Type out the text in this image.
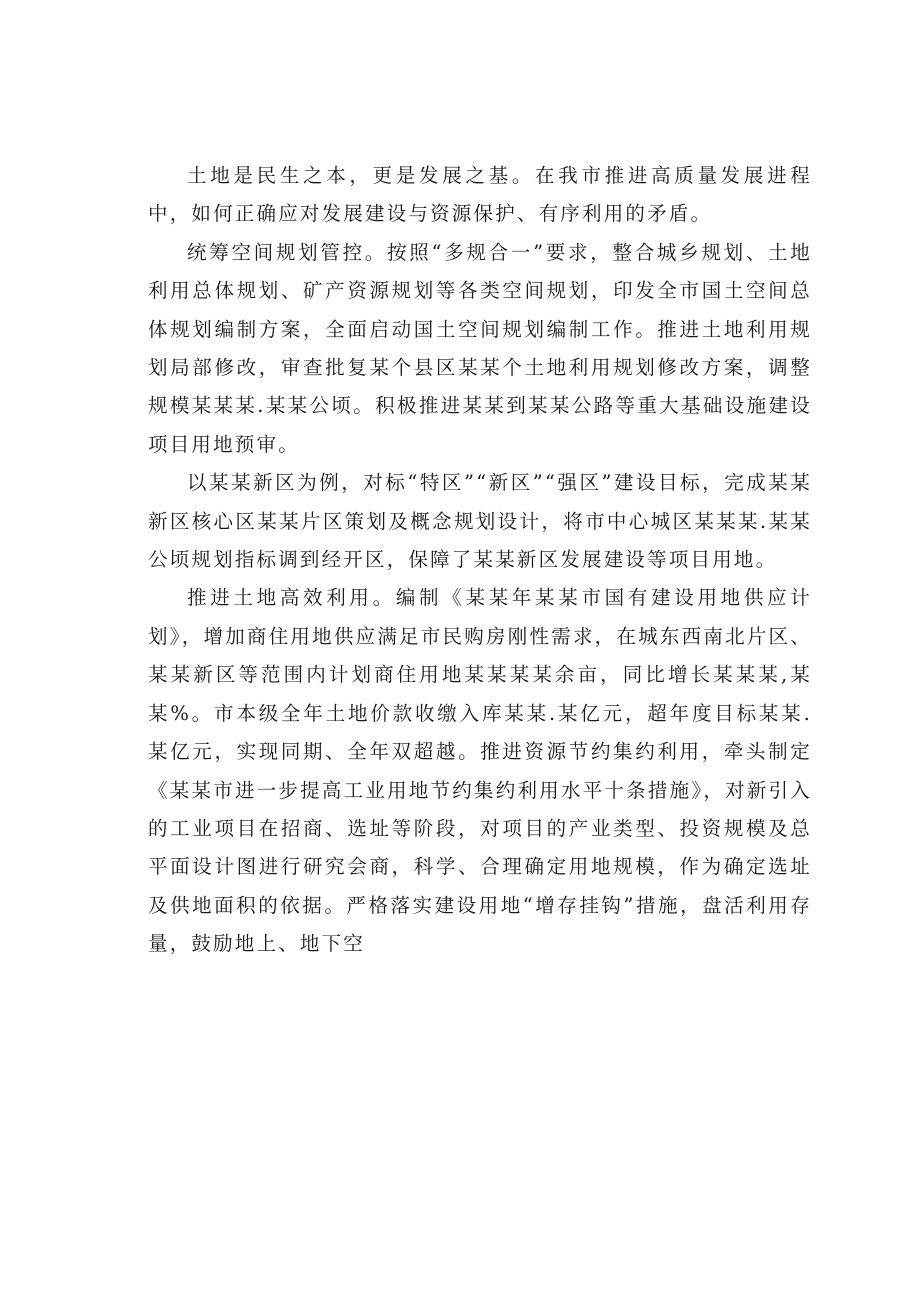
土地是民生之本，更是发展之基。在我市推进高质量发展进程中，如何正确应对发展建设与资源保护、有序利用的矛盾。

统筹空间规划管控。按照“多规合一”要求，整合城乡规划、土地利用总体规划、矿产资源规划等各类空间规划，印发全市国土空间总体规划编制方案，全面启动国土空间规划编制工作。推进土地利用规划局部修改，审查批复某个县区某某个土地利用规划修改方案，调整规模某某某.某某公顷。积极推进某某到某某公路等重大基础设施建设项目用地预审。

以某某新区为例，对标“特区”“新区”“强区”建设目标，完成某某新区核心区某某片区策划及概念规划设计，将市中心城区某某某.某某公顷规划指标调到经开区，保障了某某新区发展建设等项目用地。

推进土地高效利用。编制《某某年某某市国有建设用地供应计划》，增加商住用地供应满足市民购房刚性需求，在城东西南北片区、某某新区等范围内计划商住用地某某某某余亩，同比增长某某某,某某%。市本级全年土地价款收缴入库某某.某亿元，超年度目标某某.某亿元，实现同期、全年双超越。推进资源节约集约利用，牵头制定《某某市进一步提高工业用地节约集约利用水平十条措施》，对新引入的工业项目在招商、选址等阶段，对项目的产业类型、投资规模及总平面设计图进行研究会商，科学、合理确定用地规模，作为确定选址及供地面积的依据。严格落实建设用地“增存挂钩”措施，盘活利用存量，鼓励地上、地下空
